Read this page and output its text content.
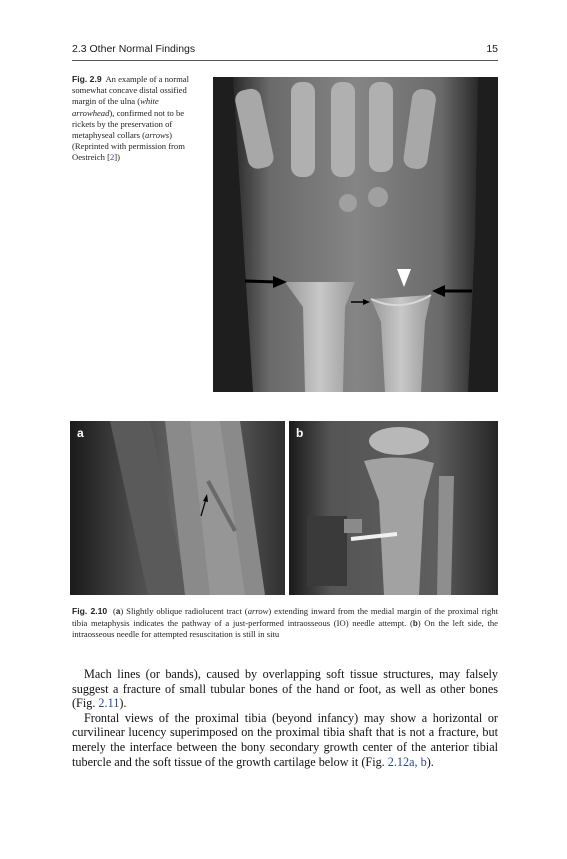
2.3 Other Normal Findings	15
Fig. 2.9 An example of a normal somewhat concave distal ossified margin of the ulna (white arrowhead), confirmed not to be rickets by the preservation of metaphyseal collars (arrows) (Reprinted with permission from Oestreich [2])
a	b
Fig. 2.10 (a) Slightly oblique radiolucent tract (arrow) extending inward from the medial margin of the proximal right tibia metaphysis indicates the pathway of a just-performed intraosseous (IO) needle attempt. (b) On the left side, the intraosseous needle for attempted resuscitation is still in situ

Mach lines (or bands), caused by overlapping soft tissue structures, may falsely suggest a fracture of small tubular bones of the hand or foot, as well as other bones (Fig. 2.11).

Frontal views of the proximal tibia (beyond infancy) may show a horizontal or curvilinear lucency superimposed on the proximal tibia shaft that is not a fracture, but merely the interface between the bony secondary growth center of the anterior tibial tubercle and the soft tissue of the growth cartilage below it (Fig. 2.12a, b).
